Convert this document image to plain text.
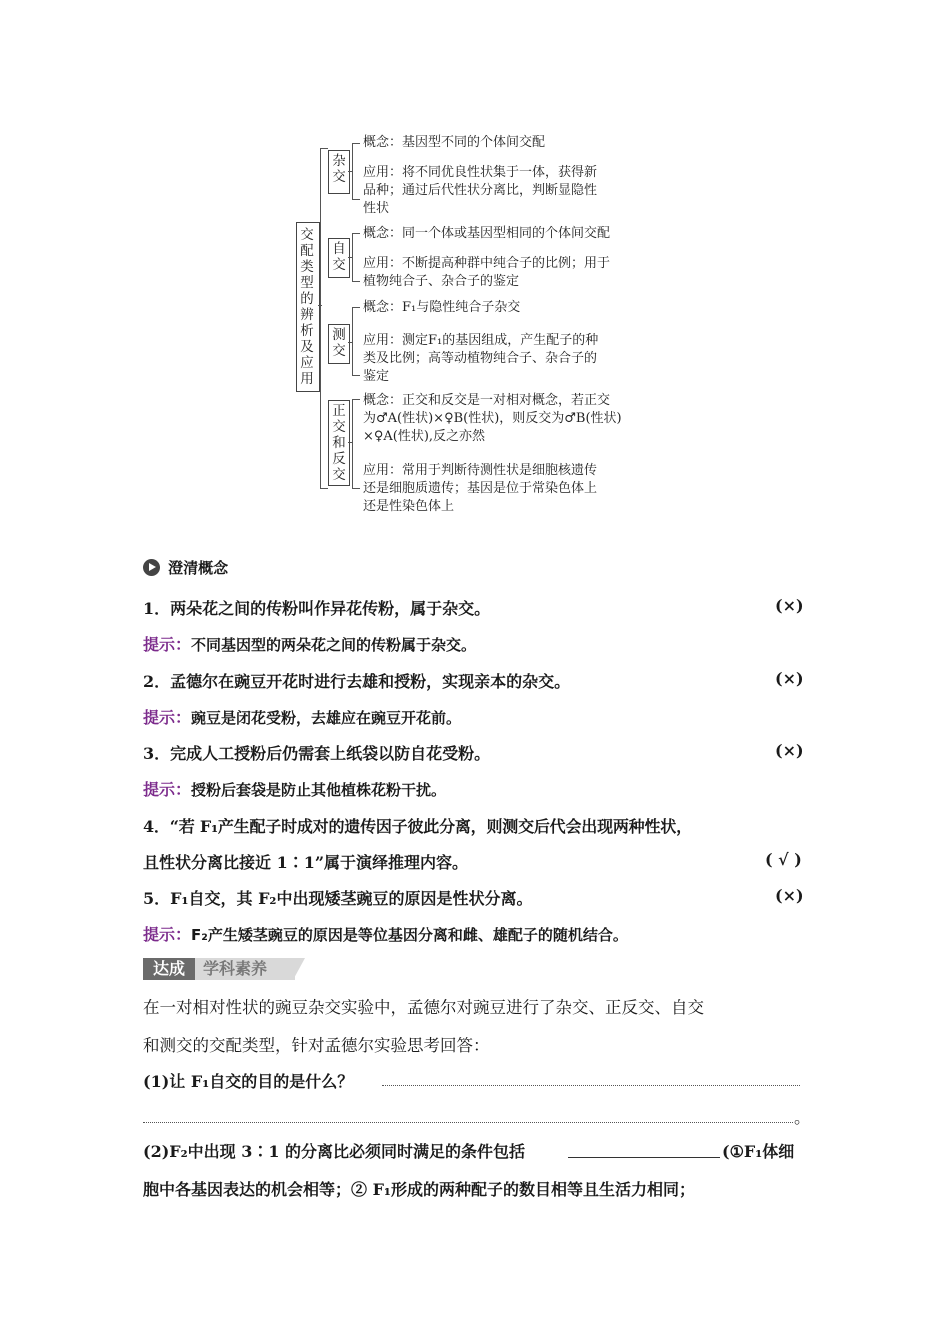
交配类型的辨析及应用
杂交
概念：基因型不同的个体间交配
应用：将不同优良性状集于一体，获得新
品种；通过后代性状分离比，判断显隐性
性状
自交
概念：同一个体或基因型相同的个体间交配
应用：不断提高种群中纯合子的比例；用于
植物纯合子、杂合子的鉴定
测交
概念：F₁与隐性纯合子杂交
应用：测定F₁的基因组成，产生配子的种
类及比例；高等动植物纯合子、杂合子的
鉴定
正交和反交
概念：正交和反交是一对相对概念，若正交
为♂A(性状)×♀B(性状)，则反交为♂B(性状)
×♀A(性状),反之亦然
应用：常用于判断待测性状是细胞核遗传
还是细胞质遗传；基因是位于常染色体上
还是性染色体上
澄清概念
1．两朵花之间的传粉叫作异花传粉，属于杂交。	(×)
提示：不同基因型的两朵花之间的传粉属于杂交。
2．孟德尔在豌豆开花时进行去雄和授粉，实现亲本的杂交。	(×)
提示：豌豆是闭花受粉，去雄应在豌豆开花前。
3．完成人工授粉后仍需套上纸袋以防自花受粉。	(×)
提示：授粉后套袋是防止其他植株花粉干扰。
4．“若 F₁产生配子时成对的遗传因子彼此分离，则测交后代会出现两种性状，
且性状分离比接近 1∶1”属于演绎推理内容。	( √ )
5．F₁自交，其 F₂中出现矮茎豌豆的原因是性状分离。	(×)
提示：F₂产生矮茎豌豆的原因是等位基因分离和雌、雄配子的随机结合。
达成	学科素养
在一对相对性状的豌豆杂交实验中，孟德尔对豌豆进行了杂交、正反交、自交
和测交的交配类型，针对孟德尔实验思考回答：
(1)让 F₁自交的目的是什么？
。
(2)F₂中出现 3∶1 的分离比必须同时满足的条件包括	(①F₁体细
胞中各基因表达的机会相等；② F₁形成的两种配子的数目相等且生活力相同；
